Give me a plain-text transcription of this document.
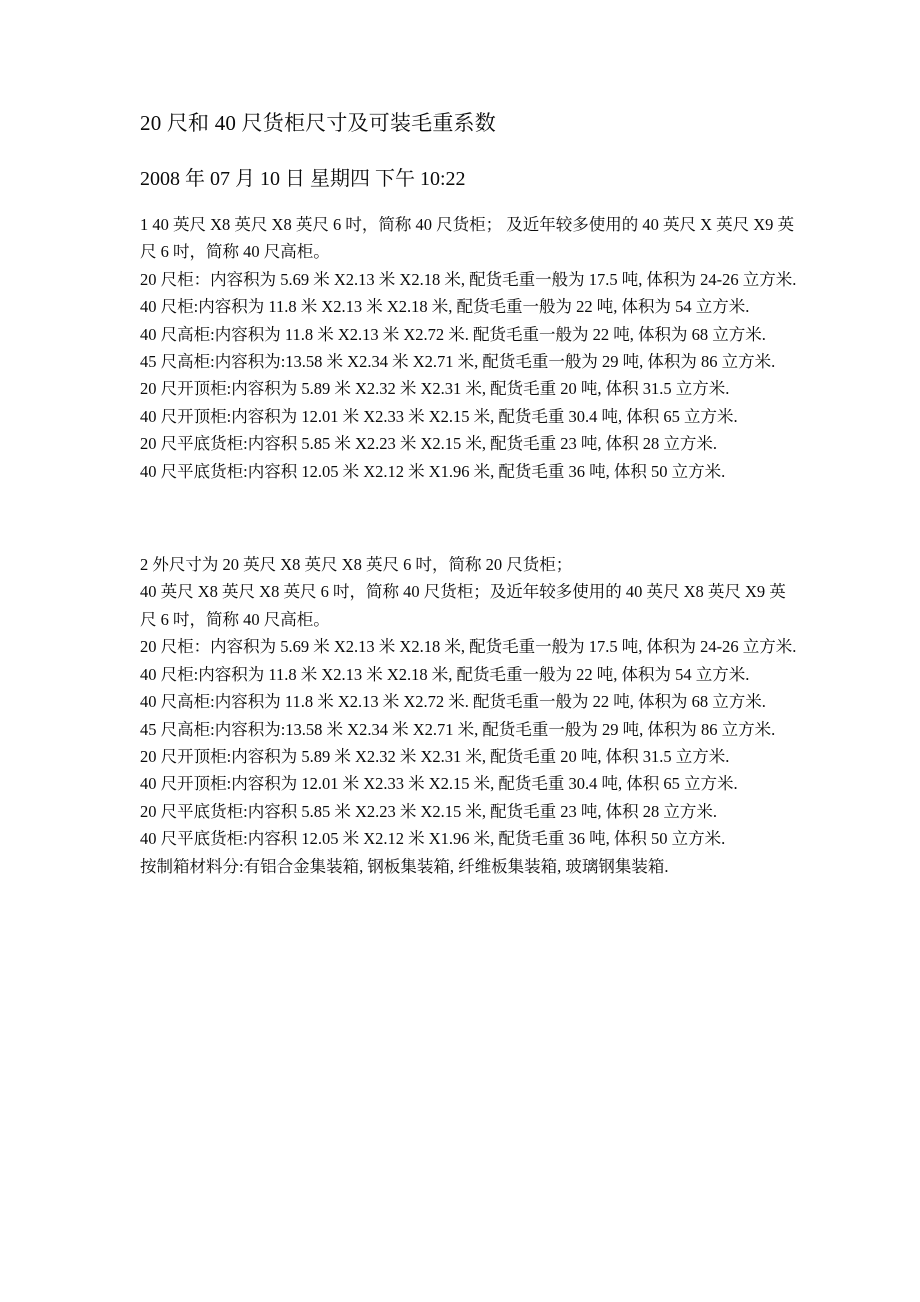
20 尺和 40 尺货柜尺寸及可装毛重系数
2008 年 07 月 10 日 星期四 下午 10:22

1 40 英尺 X8 英尺 X8 英尺 6 吋，简称 40 尺货柜； 及近年较多使用的 40 英尺 X 英尺 X9 英尺 6 吋，简称 40 尺高柜。

20 尺柜：内容积为 5.69 米 X2.13 米 X2.18 米, 配货毛重一般为 17.5 吨, 体积为 24-26 立方米.

40 尺柜:内容积为 11.8 米 X2.13 米 X2.18 米, 配货毛重一般为 22 吨, 体积为 54 立方米.

40 尺高柜:内容积为 11.8 米 X2.13 米 X2.72 米. 配货毛重一般为 22 吨, 体积为 68 立方米.

45 尺高柜:内容积为:13.58 米 X2.34 米 X2.71 米, 配货毛重一般为 29 吨, 体积为 86 立方米.

20 尺开顶柜:内容积为 5.89 米 X2.32 米 X2.31 米, 配货毛重 20 吨, 体积 31.5 立方米.

40 尺开顶柜:内容积为 12.01 米 X2.33 米 X2.15 米, 配货毛重 30.4 吨, 体积 65 立方米.

20 尺平底货柜:内容积 5.85 米 X2.23 米 X2.15 米, 配货毛重 23 吨, 体积 28 立方米.

40 尺平底货柜:内容积 12.05 米 X2.12 米 X1.96 米, 配货毛重 36 吨, 体积 50 立方米.

2 外尺寸为 20 英尺 X8 英尺 X8 英尺 6 吋，简称 20 尺货柜；

40 英尺 X8 英尺 X8 英尺 6 吋，简称 40 尺货柜；及近年较多使用的 40 英尺 X8 英尺 X9 英尺 6 吋，简称 40 尺高柜。

20 尺柜：内容积为 5.69 米 X2.13 米 X2.18 米, 配货毛重一般为 17.5 吨, 体积为 24-26 立方米.

40 尺柜:内容积为 11.8 米 X2.13 米 X2.18 米, 配货毛重一般为 22 吨, 体积为 54 立方米.

40 尺高柜:内容积为 11.8 米 X2.13 米 X2.72 米. 配货毛重一般为 22 吨, 体积为 68 立方米.

45 尺高柜:内容积为:13.58 米 X2.34 米 X2.71 米, 配货毛重一般为 29 吨, 体积为 86 立方米.

20 尺开顶柜:内容积为 5.89 米 X2.32 米 X2.31 米, 配货毛重 20 吨, 体积 31.5 立方米.

40 尺开顶柜:内容积为 12.01 米 X2.33 米 X2.15 米, 配货毛重 30.4 吨, 体积 65 立方米.

20 尺平底货柜:内容积 5.85 米 X2.23 米 X2.15 米, 配货毛重 23 吨, 体积 28 立方米.

40 尺平底货柜:内容积 12.05 米 X2.12 米 X1.96 米, 配货毛重 36 吨, 体积 50 立方米.

按制箱材料分:有铝合金集装箱, 钢板集装箱, 纤维板集装箱, 玻璃钢集装箱.
